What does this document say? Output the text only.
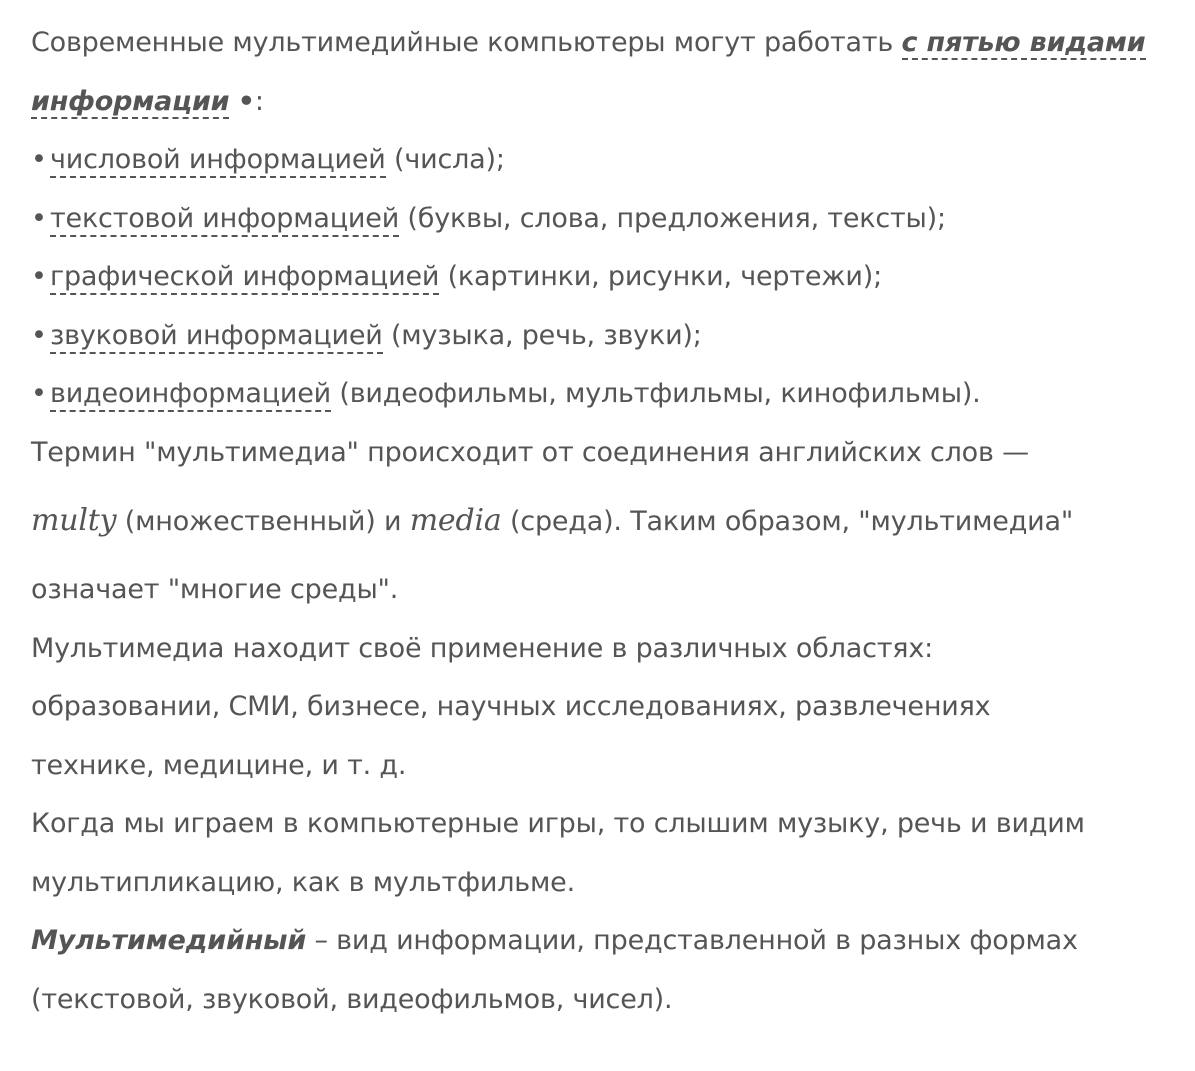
Современные мультимедийные компьютеры могут работать с пятью видами информации •:
• числовой информацией (числа);
• текстовой информацией (буквы, слова, предложения, тексты);
• графической информацией (картинки, рисунки, чертежи);
• звуковой информацией (музыка, речь, звуки);
• видеоинформацией (видеофильмы, мультфильмы, кинофильмы).
Термин "мультимедиа" происходит от соединения английских слов —
multy (множественный) и media (среда). Таким образом, "мультимедиа"
означает "многие среды".
Мультимедиа находит своё применение в различных областях:
образовании, СМИ, бизнесе, научных исследованиях, развлечениях
технике, медицине, и т. д.
Когда мы играем в компьютерные игры, то слышим музыку, речь и видим
мультипликацию, как в мультфильме.
Мультимедийный – вид информации, представленной в разных формах
(текстовой, звуковой, видеофильмов, чисел).
